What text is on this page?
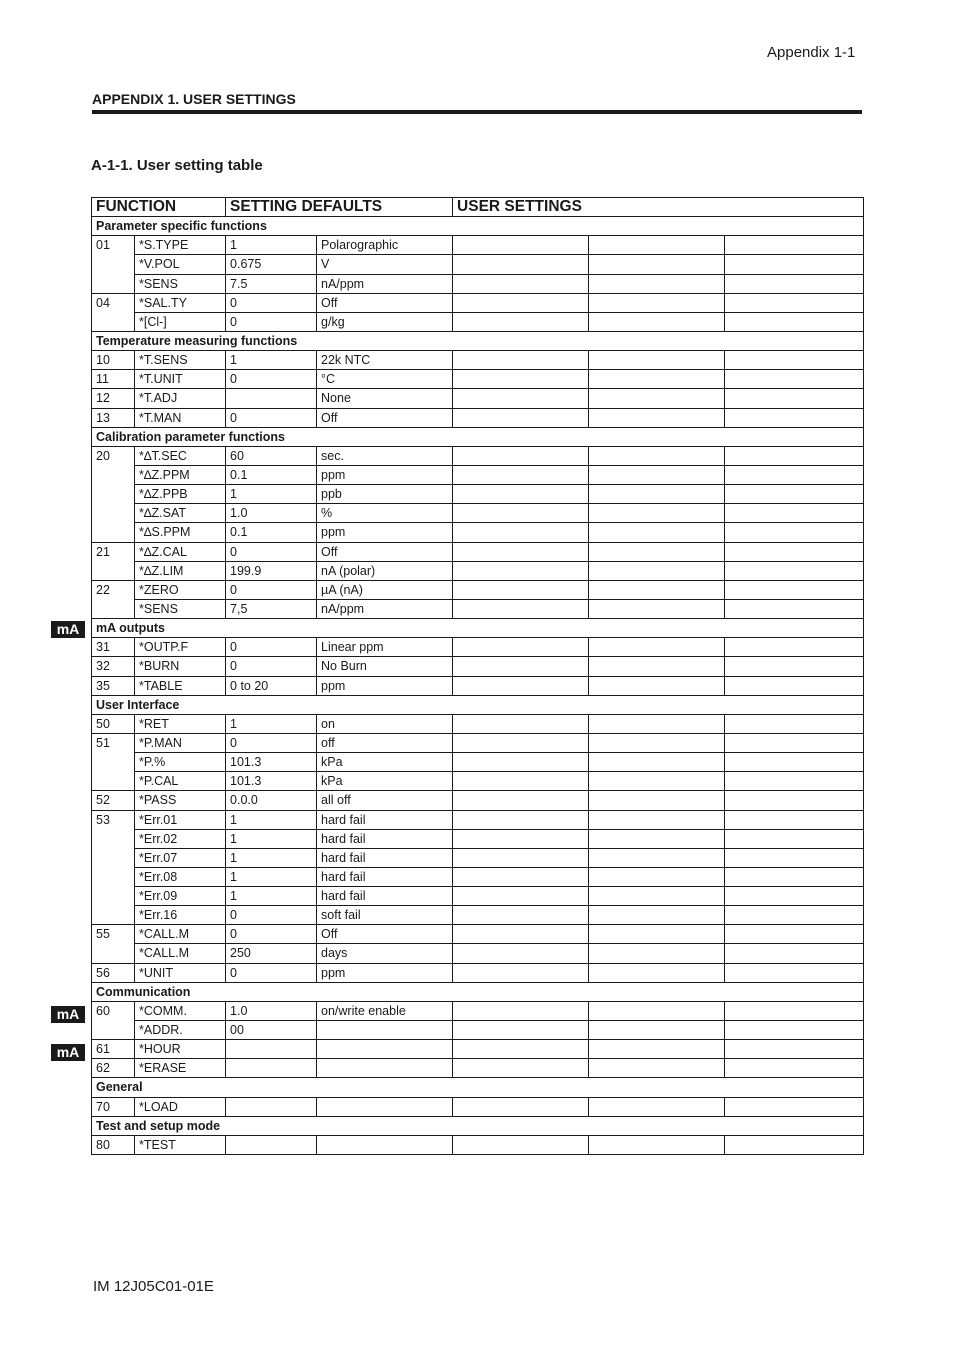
Appendix 1-1
APPENDIX 1. USER SETTINGS
A-1-1. User setting table
FUNCTION		SETTING DEFAULTS		USER SETTINGS		
Parameter specific functions						
01	*S.TYPE	1	Polarographic			
	*V.POL	0.675	V			
	*SENS	7.5	nA/ppm			
04	*SAL.TY	0	Off			
	*[Cl-]	0	g/kg			
Temperature measuring functions						
10	*T.SENS	1	22k NTC			
11	*T.UNIT	0	°C			
12	*T.ADJ		None			
13	*T.MAN	0	Off			
Calibration parameter functions						
20	*∆T.SEC	60	sec.			
	*∆Z.PPM	0.1	ppm			
	*∆Z.PPB	1	ppb			
	*∆Z.SAT	1.0	%			
	*∆S.PPM	0.1	ppm			
21	*∆Z.CAL	0	Off			
	*∆Z.LIM	199.9	nA (polar)			
22	*ZERO	0	µA (nA)			
	*SENS	7,5	nA/ppm			
mA outputs						
31	*OUTP.F	0	Linear ppm			
32	*BURN	0	No Burn			
35	*TABLE	0 to 20	ppm			
User Interface						
50	*RET	1	on			
51	*P.MAN	0	off			
	*P.%	101.3	kPa			
	*P.CAL	101.3	kPa			
52	*PASS	0.0.0	all off			
53	*Err.01	1	hard fail			
	*Err.02	1	hard fail			
	*Err.07	1	hard fail			
	*Err.08	1	hard fail			
	*Err.09	1	hard fail			
	*Err.16	0	soft fail			
55	*CALL.M	0	Off			
	*CALL.M	250	days			
56	*UNIT	0	ppm			
Communication						
60	*COMM.	1.0	on/write enable			
	*ADDR.	00				
61	*HOUR					
62	*ERASE					
General						
70	*LOAD					
Test and setup mode						
80	*TEST					
mA
mA
mA
IM 12J05C01-01E
